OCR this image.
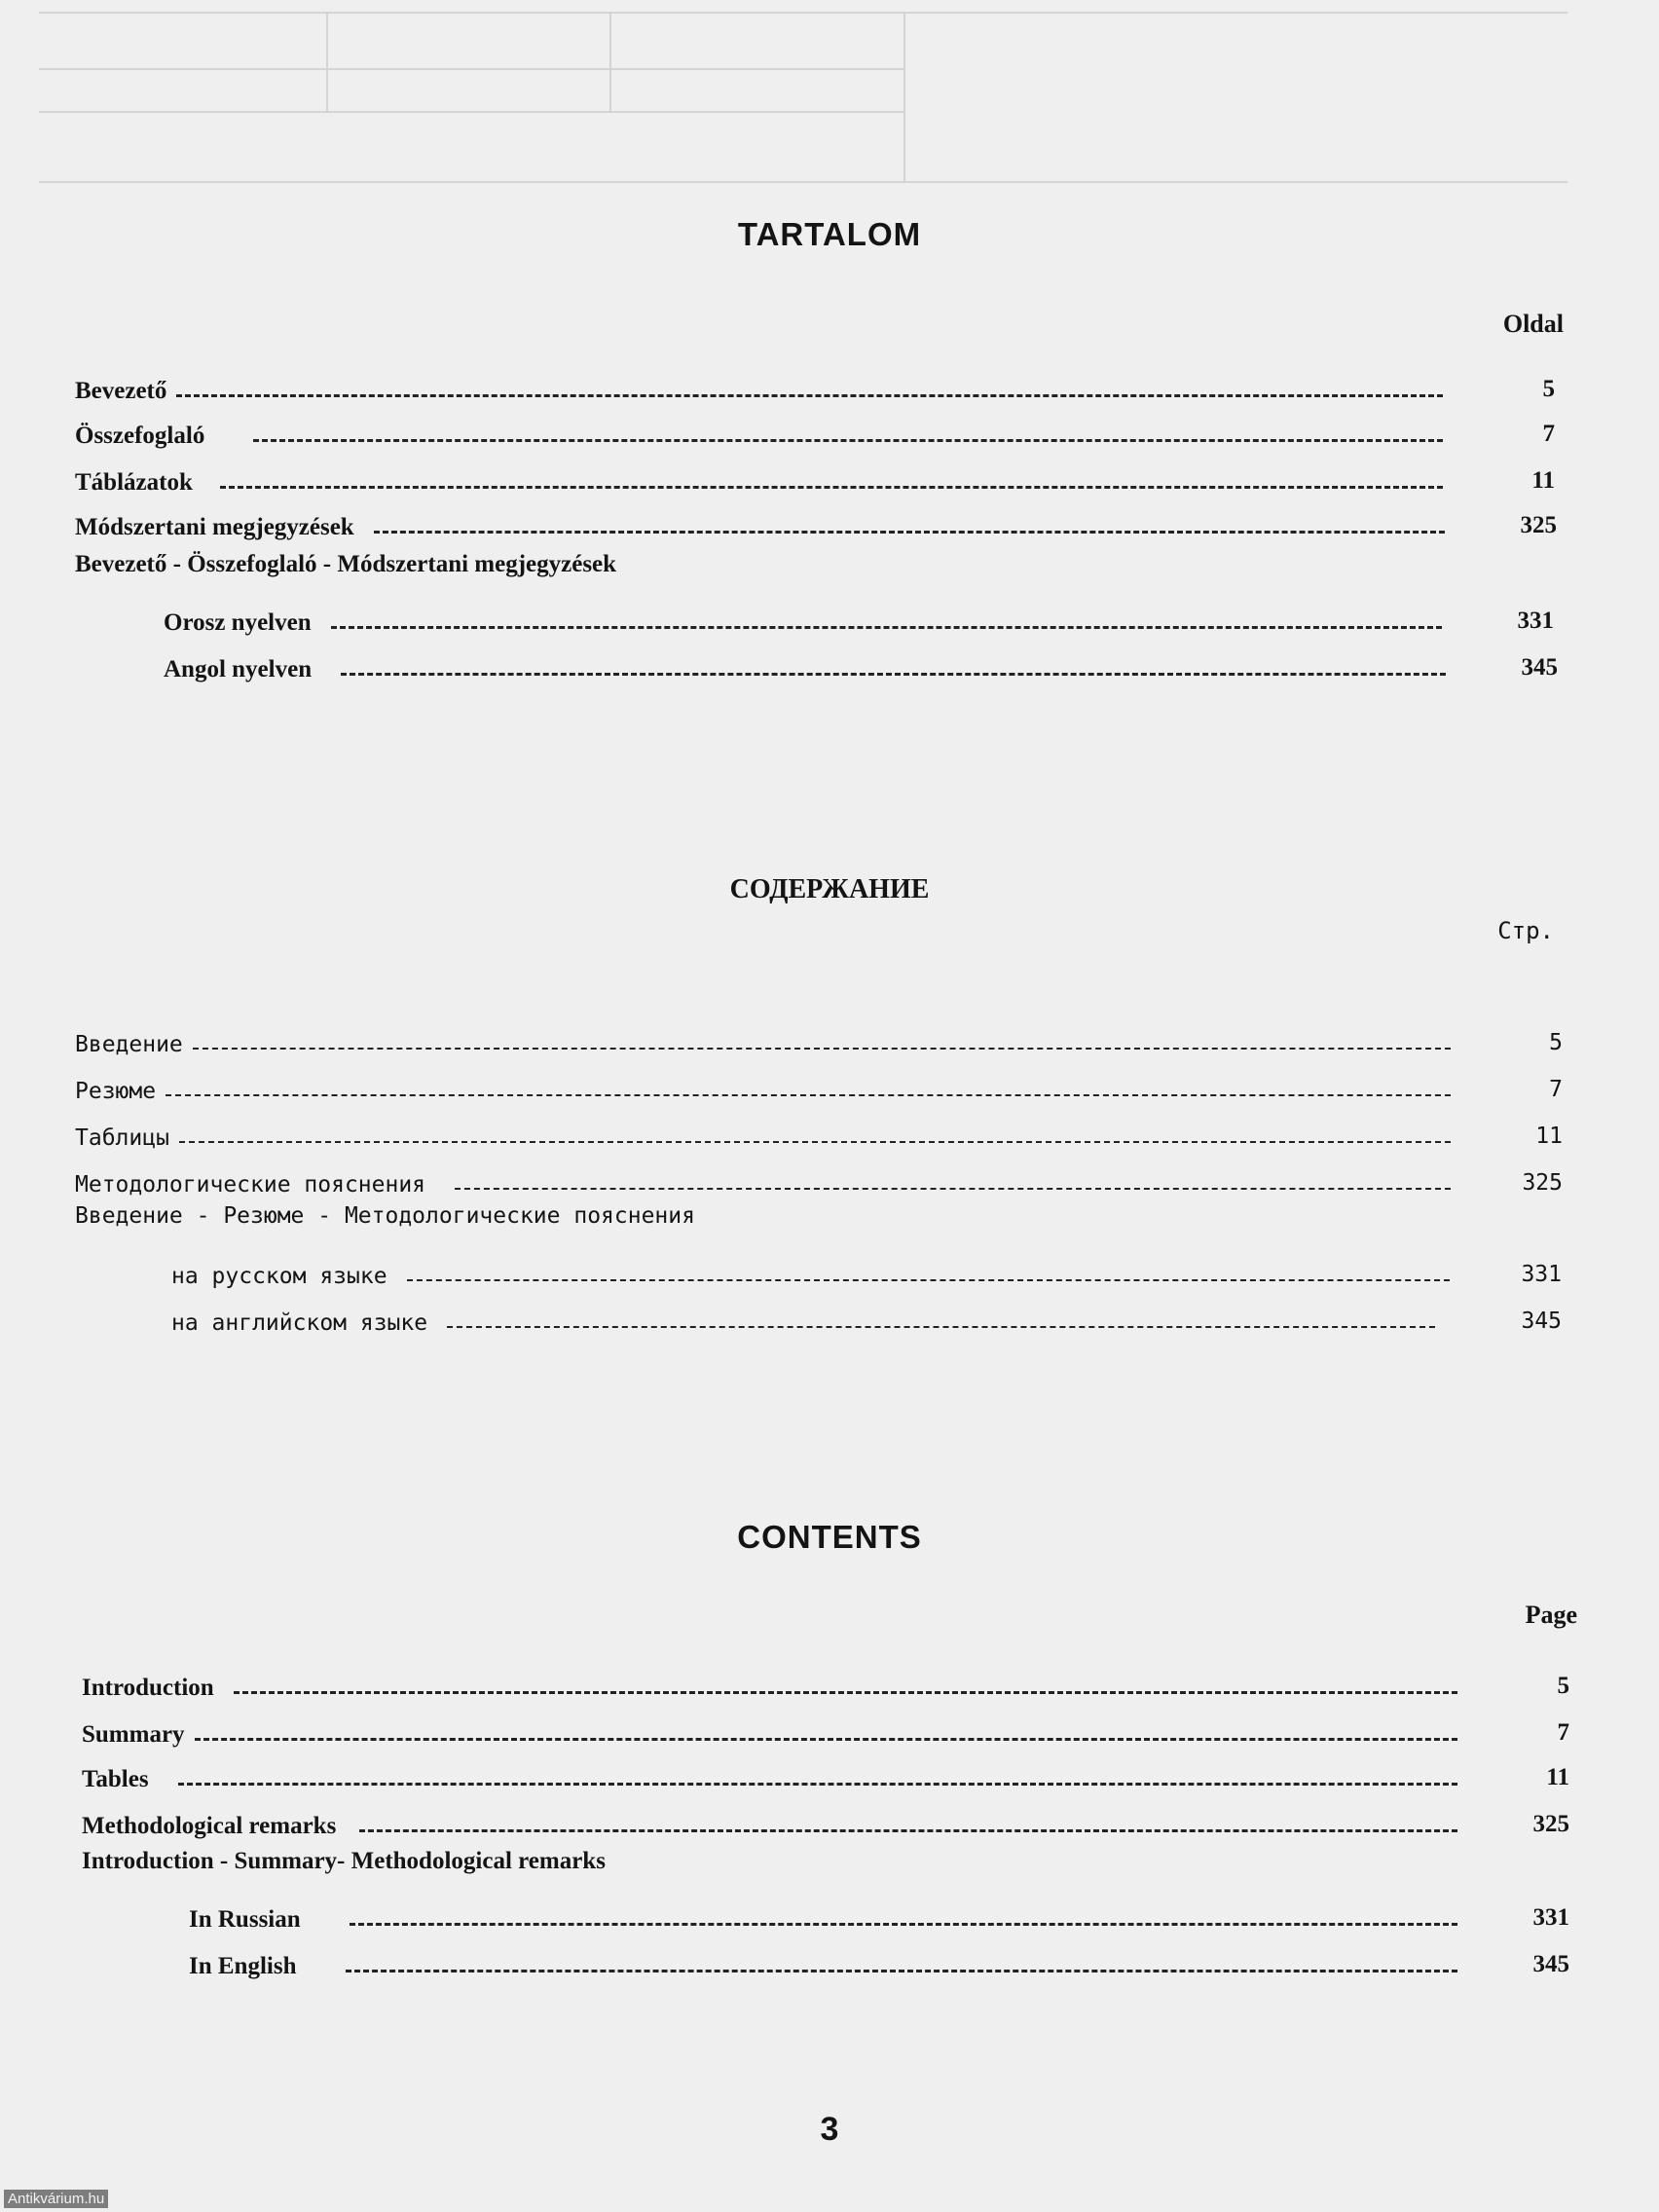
TARTALOM
Oldal
Bevezető	5
Összefoglaló	7
Táblázatok	11
Módszertani megjegyzések	325
Bevezető - Összefoglaló - Módszertani megjegyzések
Orosz nyelven	331
Angol nyelven	345
СОДЕРЖАНИЕ
Стр.
Введение	5
Резюме	7
Таблицы	11
Методологические пояснения	325
Введение - Резюме - Методологические пояснения
на русском языке	331
на английском языке	345
CONTENTS
Page
Introduction	5
Summary	7
Tables	11
Methodological remarks	325
Introduction - Summary- Methodological remarks
In Russian	331
In English	345
3
Antikvárium.hu
